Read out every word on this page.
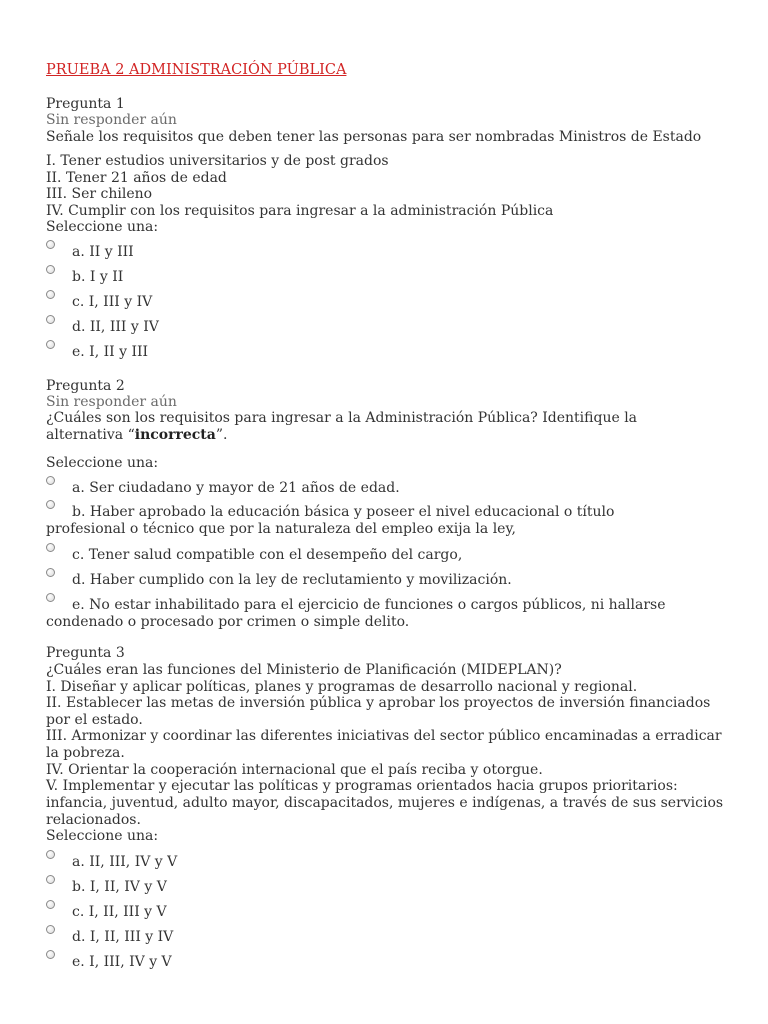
PRUEBA 2 ADMINISTRACIÓN PÚBLICA
Pregunta 1
Sin responder aún
Señale los requisitos que deben tener las personas para ser nombradas Ministros de Estado
I. Tener estudios universitarios y de post grados
II. Tener 21 años de edad
III. Ser chileno
IV. Cumplir con los requisitos para ingresar a la administración Pública
Seleccione una:
a. II y III
b. I y II
c. I, III y IV
d. II, III y IV
e. I, II y III
Pregunta 2
Sin responder aún
¿Cuáles son los requisitos para ingresar a la Administración Pública? Identifique la
alternativa “incorrecta”.
Seleccione una:
a. Ser ciudadano y mayor de 21 años de edad.
b. Haber aprobado la educación básica y poseer el nivel educacional o título profesional o técnico que por la naturaleza del empleo exija la ley,
c. Tener salud compatible con el desempeño del cargo,
d. Haber cumplido con la ley de reclutamiento y movilización.
e. No estar inhabilitado para el ejercicio de funciones o cargos públicos, ni hallarse condenado o procesado por crimen o simple delito.
Pregunta 3
¿Cuáles eran las funciones del Ministerio de Planificación (MIDEPLAN)?
I. Diseñar y aplicar políticas, planes y programas de desarrollo nacional y regional.
II. Establecer las metas de inversión pública y aprobar los proyectos de inversión financiados por el estado.
III. Armonizar y coordinar las diferentes iniciativas del sector público encaminadas a erradicar la pobreza.
IV. Orientar la cooperación internacional que el país reciba y otorgue.
V. Implementar y ejecutar las políticas y programas orientados hacia grupos prioritarios: infancia, juventud, adulto mayor, discapacitados, mujeres e indígenas, a través de sus servicios relacionados.
Seleccione una:
a. II, III, IV y V
b. I, II, IV y V
c. I, II, III y V
d. I, II, III y IV
e. I, III, IV y V
